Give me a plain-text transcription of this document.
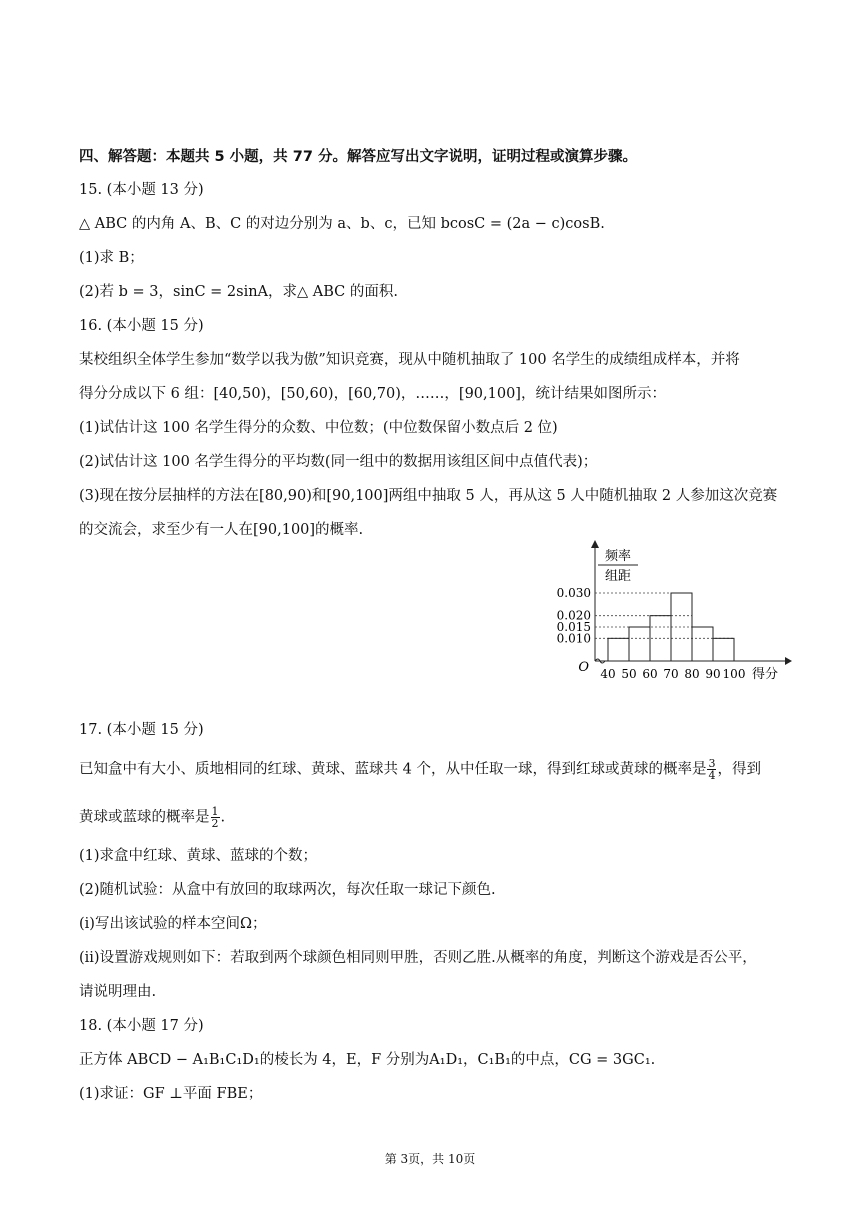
四、解答题：本题共 5 小题，共 77 分。解答应写出文字说明，证明过程或演算步骤。
15. (本小题 13 分)
△ ABC 的内角 A、B、C 的对边分别为 a、b、c，已知 bcosC = (2a − c)cosB.
(1)求 B；
(2)若 b = 3，sinC = 2sinA，求△ ABC 的面积.
16. (本小题 15 分)
某校组织全体学生参加“数学以我为傲”知识竞赛，现从中随机抽取了 100 名学生的成绩组成样本，并将
得分分成以下 6 组：[40,50)，[50,60)，[60,70)，……，[90,100]，统计结果如图所示：
(1)试估计这 100 名学生得分的众数、中位数；(中位数保留小数点后 2 位)
(2)试估计这 100 名学生得分的平均数(同一组中的数据用该组区间中点值代表)；
(3)现在按分层抽样的方法在[80,90)和[90,100]两组中抽取 5 人，再从这 5 人中随机抽取 2 人参加这次竞赛
的交流会，求至少有一人在[90,100]的概率.
频率
组距
0.030
0.020
0.015
0.010
40 50 60 70 80 90 100
O	得分
17. (本小题 15 分)
已知盒中有大小、质地相同的红球、黄球、蓝球共 4 个，从中任取一球，得到红球或黄球的概率是 $\frac{3}{4}$ ，得到
黄球或蓝球的概率是 $\frac{1}{2}$ .
(1)求盒中红球、黄球、蓝球的个数；
(2)随机试验：从盒中有放回的取球两次，每次任取一球记下颜色.
(i)写出该试验的样本空间Ω；
(ii)设置游戏规则如下：若取到两个球颜色相同则甲胜，否则乙胜.从概率的角度，判断这个游戏是否公平，
请说明理由.
18. (本小题 17 分)
正方体 ABCD − A₁B₁C₁D₁的棱长为 4，E，F 分别为A₁D₁，C₁B₁的中点，CG = 3GC₁.
(1)求证：GF ⊥平面 FBE；
第 3页，共 10页
